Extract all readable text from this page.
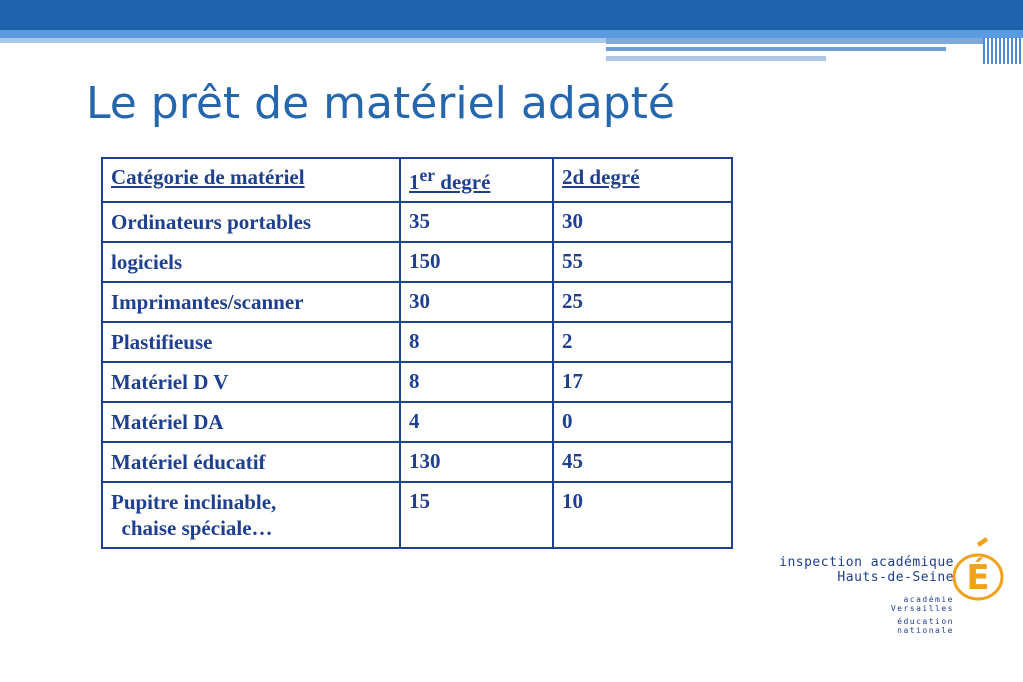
Le prêt de matériel adapté
Catégorie de matériel	1er degré	2d degré
Ordinateurs portables	35	30
logiciels	150	55
Imprimantes/scanner	30	25
Plastifieuse	8	2
Matériel D V	8	17
Matériel DA	4	0
Matériel éducatif	130	45
Pupitre inclinable,
chaise spéciale…	15	10
inspection académique
Hauts-de-Seine
académie
Versailles
éducation
nationale
É
